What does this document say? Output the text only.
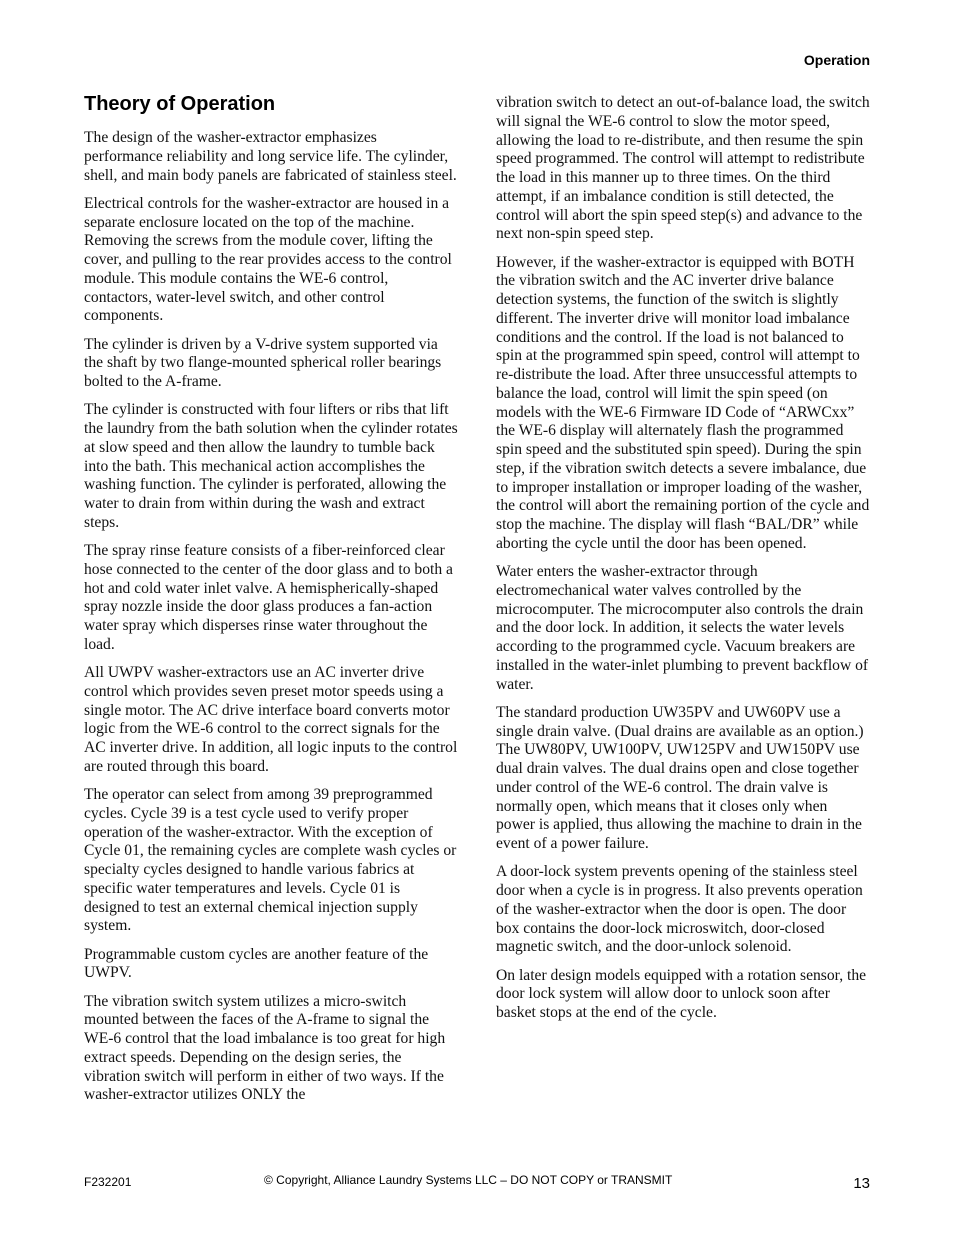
Operation
Theory of Operation

The design of the washer-extractor emphasizes performance reliability and long service life. The cylinder, shell, and main body panels are fabricated of stainless steel.

Electrical controls for the washer-extractor are housed in a separate enclosure located on the top of the machine. Removing the screws from the module cover, lifting the cover, and pulling to the rear provides access to the control module. This module contains the WE-6 control, contactors, water-level switch, and other control components.

The cylinder is driven by a V-drive system supported via the shaft by two flange-mounted spherical roller bearings bolted to the A-frame.

The cylinder is constructed with four lifters or ribs that lift the laundry from the bath solution when the cylinder rotates at slow speed and then allow the laundry to tumble back into the bath. This mechanical action accomplishes the washing function. The cylinder is perforated, allowing the water to drain from within during the wash and extract steps.

The spray rinse feature consists of a fiber-reinforced clear hose connected to the center of the door glass and to both a hot and cold water inlet valve. A hemispherically-shaped spray nozzle inside the door glass produces a fan-action water spray which disperses rinse water throughout the load.

All UWPV washer-extractors use an AC inverter drive control which provides seven preset motor speeds using a single motor. The AC drive interface board converts motor logic from the WE-6 control to the correct signals for the AC inverter drive. In addition, all logic inputs to the control are routed through this board.

The operator can select from among 39 preprogrammed cycles. Cycle 39 is a test cycle used to verify proper operation of the washer-extractor. With the exception of Cycle 01, the remaining cycles are complete wash cycles or specialty cycles designed to handle various fabrics at specific water temperatures and levels. Cycle 01 is designed to test an external chemical injection supply system.

Programmable custom cycles are another feature of the UWPV.

The vibration switch system utilizes a micro-switch mounted between the faces of the A-frame to signal the WE-6 control that the load imbalance is too great for high extract speeds. Depending on the design series, the vibration switch will perform in either of two ways. If the washer-extractor utilizes ONLY the

vibration switch to detect an out-of-balance load, the switch will signal the WE-6 control to slow the motor speed, allowing the load to re-distribute, and then resume the spin speed programmed. The control will attempt to redistribute the load in this manner up to three times. On the third attempt, if an imbalance condition is still detected, the control will abort the spin speed step(s) and advance to the next non-spin speed step.

However, if the washer-extractor is equipped with BOTH the vibration switch and the AC inverter drive balance detection systems, the function of the switch is slightly different. The inverter drive will monitor load imbalance conditions and the control. If the load is not balanced to spin at the programmed spin speed, control will attempt to re-distribute the load. After three unsuccessful attempts to balance the load, control will limit the spin speed (on models with the WE-6 Firmware ID Code of “ARWCxx” the WE-6 display will alternately flash the programmed spin speed and the substituted spin speed). During the spin step, if the vibration switch detects a severe imbalance, due to improper installation or improper loading of the washer, the control will abort the remaining portion of the cycle and stop the machine. The display will flash “BAL/DR” while aborting the cycle until the door has been opened.

Water enters the washer-extractor through electromechanical water valves controlled by the microcomputer. The microcomputer also controls the drain and the door lock. In addition, it selects the water levels according to the programmed cycle. Vacuum breakers are installed in the water-inlet plumbing to prevent backflow of water.

The standard production UW35PV and UW60PV use a single drain valve. (Dual drains are available as an option.) The UW80PV, UW100PV, UW125PV and UW150PV use dual drain valves. The dual drains open and close together under control of the WE-6 control. The drain valve is normally open, which means that it closes only when power is applied, thus allowing the machine to drain in the event of a power failure.

A door-lock system prevents opening of the stainless steel door when a cycle is in progress. It also prevents operation of the washer-extractor when the door is open. The door box contains the door-lock microswitch, door-closed magnetic switch, and the door-unlock solenoid.

On later design models equipped with a rotation sensor, the door lock system will allow door to unlock soon after basket stops at the end of the cycle.

F232201	© Copyright, Alliance Laundry Systems LLC – DO NOT COPY or TRANSMIT	13
